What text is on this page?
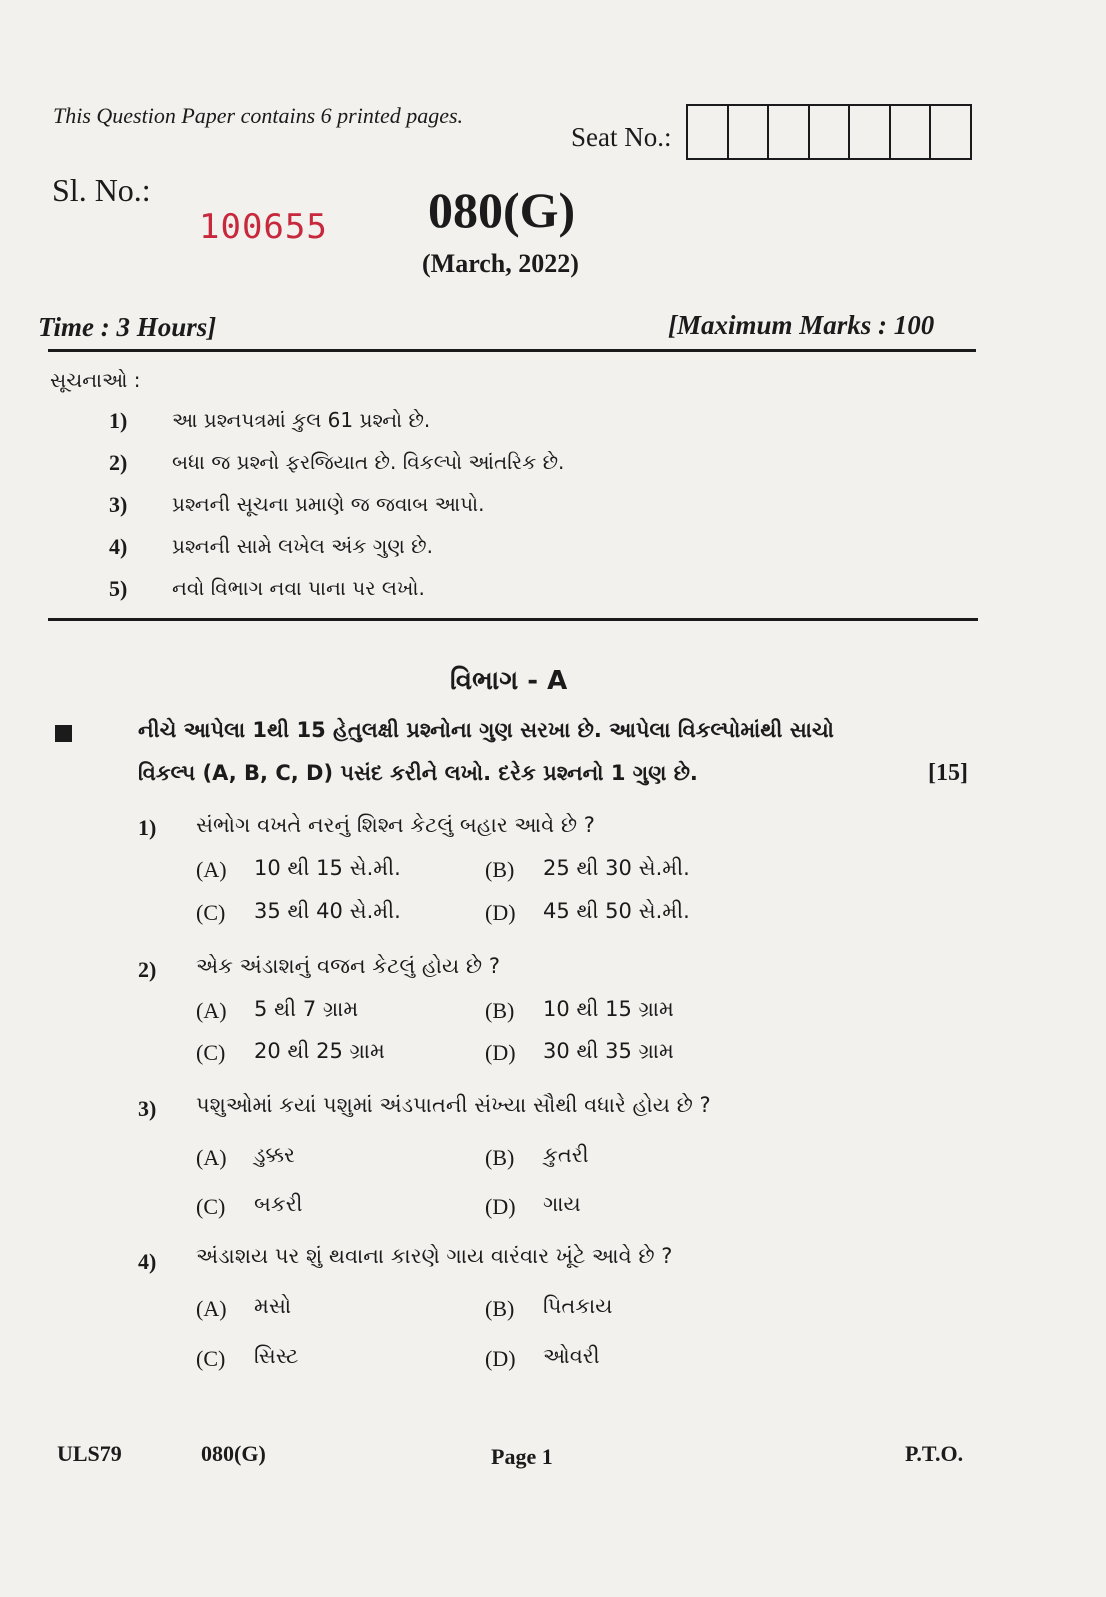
This Question Paper contains 6 printed pages.
Seat No.:
Sl. No.:
100655 080(G)
(March, 2022)
Time : 3 Hours]	[Maximum Marks : 100
સૂચનાઓ :
1) આ પ્રશ્નપત્રમાં કુલ 61 પ્રશ્નો છે.
2) બધા જ પ્રશ્નો ફરજિયાત છે. વિકલ્પો આંતરિક છે.
3) પ્રશ્નની સૂચના પ્રમાણે જ જવાબ આપો.
4) પ્રશ્નની સામે લખેલ અંક ગુણ છે.
5) નવો વિભાગ નવા પાના પર લખો.
વિભાગ - A
નીચે આપેલા 1થી 15 હેતુલક્ષી પ્રશ્નોના ગુણ સરખા છે. આપેલા વિકલ્પોમાંથી સાચો
વિકલ્પ (A, B, C, D) પસંદ કરીને લખો. દરેક પ્રશ્નનો 1 ગુણ છે.	[15]
1) સંભોગ વખતે નરનું શિશ્ન કેટલું બહાર આવે છે ?
(A) 10 થી 15 સે.મી.	(B) 25 થી 30 સે.મી.
(C) 35 થી 40 સે.મી.	(D) 45 થી 50 સે.મી.
2) એક અંડાશનું વજન કેટલું હોય છે ?
(A) 5 થી 7 ગ્રામ	(B) 10 થી 15 ગ્રામ
(C) 20 થી 25 ગ્રામ	(D) 30 થી 35 ગ્રામ
3) પશુઓમાં કયાં પશુમાં અંડપાતની સંખ્યા સૌથી વધારે હોય છે ?
(A) ડુક્કર	(B) કુતરી
(C) બકરી	(D) ગાય
4) અંડાશય પર શું થવાના કારણે ગાય વારંવાર ખૂંટે આવે છે ?
(A) મસો	(B) પિતકાય
(C) સિસ્ટ	(D) ઓવરી
ULS79	080(G)	Page 1	P.T.O.
